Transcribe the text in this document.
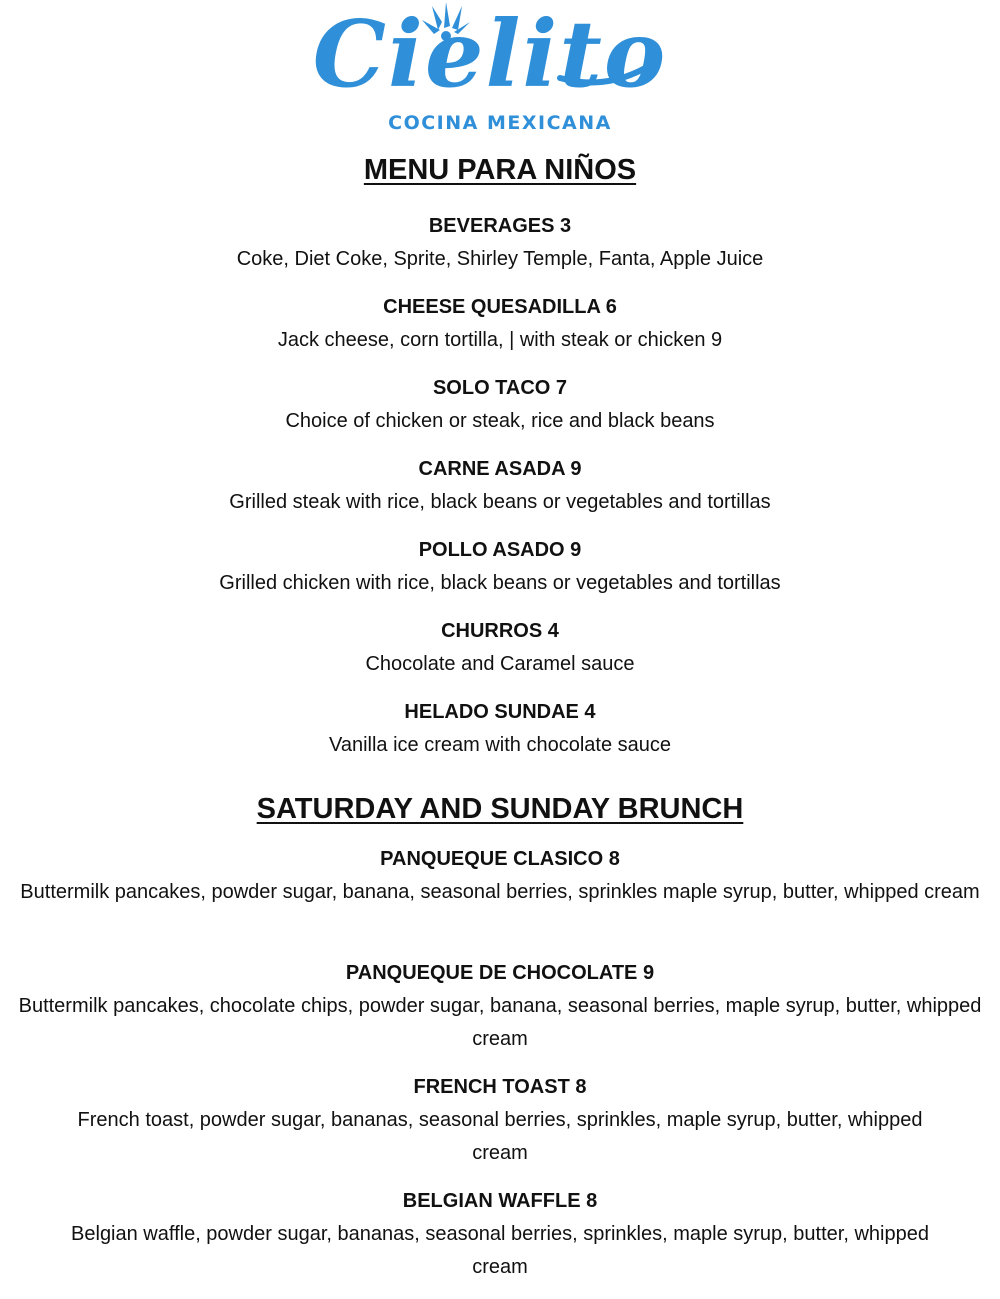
Cielito
COCINA MEXICANA
MENU PARA NIÑOS
BEVERAGES 3
Coke, Diet Coke, Sprite, Shirley Temple, Fanta, Apple Juice
CHEESE QUESADILLA 6
Jack cheese, corn tortilla, | with steak or chicken 9
SOLO TACO 7
Choice of chicken or steak, rice and black beans
CARNE ASADA 9
Grilled steak with rice, black beans or vegetables and tortillas
POLLO ASADO 9
Grilled chicken with rice, black beans or vegetables and tortillas
CHURROS 4
Chocolate and Caramel sauce
HELADO SUNDAE 4
Vanilla ice cream with chocolate sauce
SATURDAY AND SUNDAY BRUNCH
PANQUEQUE CLASICO 8
Buttermilk pancakes, powder sugar, banana, seasonal berries, sprinkles maple syrup, butter, whipped cream
PANQUEQUE DE CHOCOLATE 9
Buttermilk pancakes, chocolate chips, powder sugar, banana, seasonal berries, maple syrup, butter, whipped cream
FRENCH TOAST 8
French toast, powder sugar, bananas, seasonal berries, sprinkles, maple syrup, butter, whipped cream
BELGIAN WAFFLE 8
Belgian waffle, powder sugar, bananas, seasonal berries, sprinkles, maple syrup, butter, whipped cream
